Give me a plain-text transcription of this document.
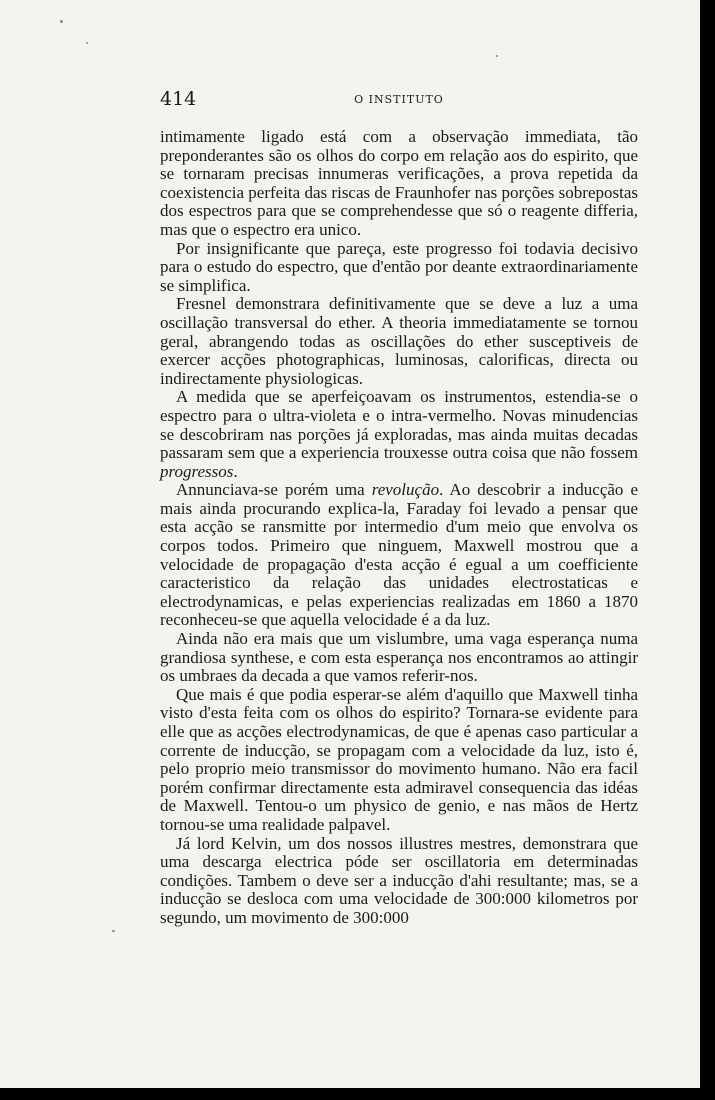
414	O INSTITUTO

intimamente ligado está com a observação immediata, tão preponderantes são os olhos do corpo em relação aos do espirito, que se tornaram precisas innumeras verificações, a prova repetida da coexistencia perfeita das riscas de Fraunhofer nas porções sobrepostas dos espectros para que se comprehendesse que só o reagente differia, mas que o espectro era unico.

Por insignificante que pareça, este progresso foi todavia decisivo para o estudo do espectro, que d'então por deante extraordinariamente se simplifica.

Fresnel demonstrara definitivamente que se deve a luz a uma oscillação transversal do ether. A theoria immediatamente se tornou geral, abrangendo todas as oscillações do ether susceptiveis de exercer acções photographicas, luminosas, calorificas, directa ou indirectamente physiologicas.

A medida que se aperfeiçoavam os instrumentos, estendia-se o espectro para o ultra-violeta e o intra-vermelho. Novas minudencias se descobriram nas porções já exploradas, mas ainda muitas decadas passaram sem que a experiencia trouxesse outra coisa que não fossem progressos.

Annunciava-se porém uma revolução. Ao descobrir a inducção e mais ainda procurando explica-la, Faraday foi levado a pensar que esta acção se ransmitte por intermedio d'um meio que envolva os corpos todos. Primeiro que ninguem, Maxwell mostrou que a velocidade de propagação d'esta acção é egual a um coefficiente caracteristico da relação das unidades electrostaticas e electrodynamicas, e pelas experiencias realizadas em 1860 a 1870 reconheceu-se que aquella velocidade é a da luz.

Ainda não era mais que um vislumbre, uma vaga esperança numa grandiosa synthese, e com esta esperança nos encontramos ao attingir os umbraes da decada a que vamos referir-nos.

Que mais é que podia esperar-se além d'aquillo que Maxwell tinha visto d'esta feita com os olhos do espirito? Tornara-se evidente para elle que as acções electrodynamicas, de que é apenas caso particular a corrente de inducção, se propagam com a velocidade da luz, isto é, pelo proprio meio transmissor do movimento humano. Não era facil porém confirmar directamente esta admiravel consequencia das idéas de Maxwell. Tentou-o um physico de genio, e nas mãos de Hertz tornou-se uma realidade palpavel.

Já lord Kelvin, um dos nossos illustres mestres, demonstrara que uma descarga electrica póde ser oscillatoria em determinadas condições. Tambem o deve ser a inducção d'ahi resultante; mas, se a inducção se desloca com uma velocidade de 300:000 kilometros por segundo, um movimento de 300:000
